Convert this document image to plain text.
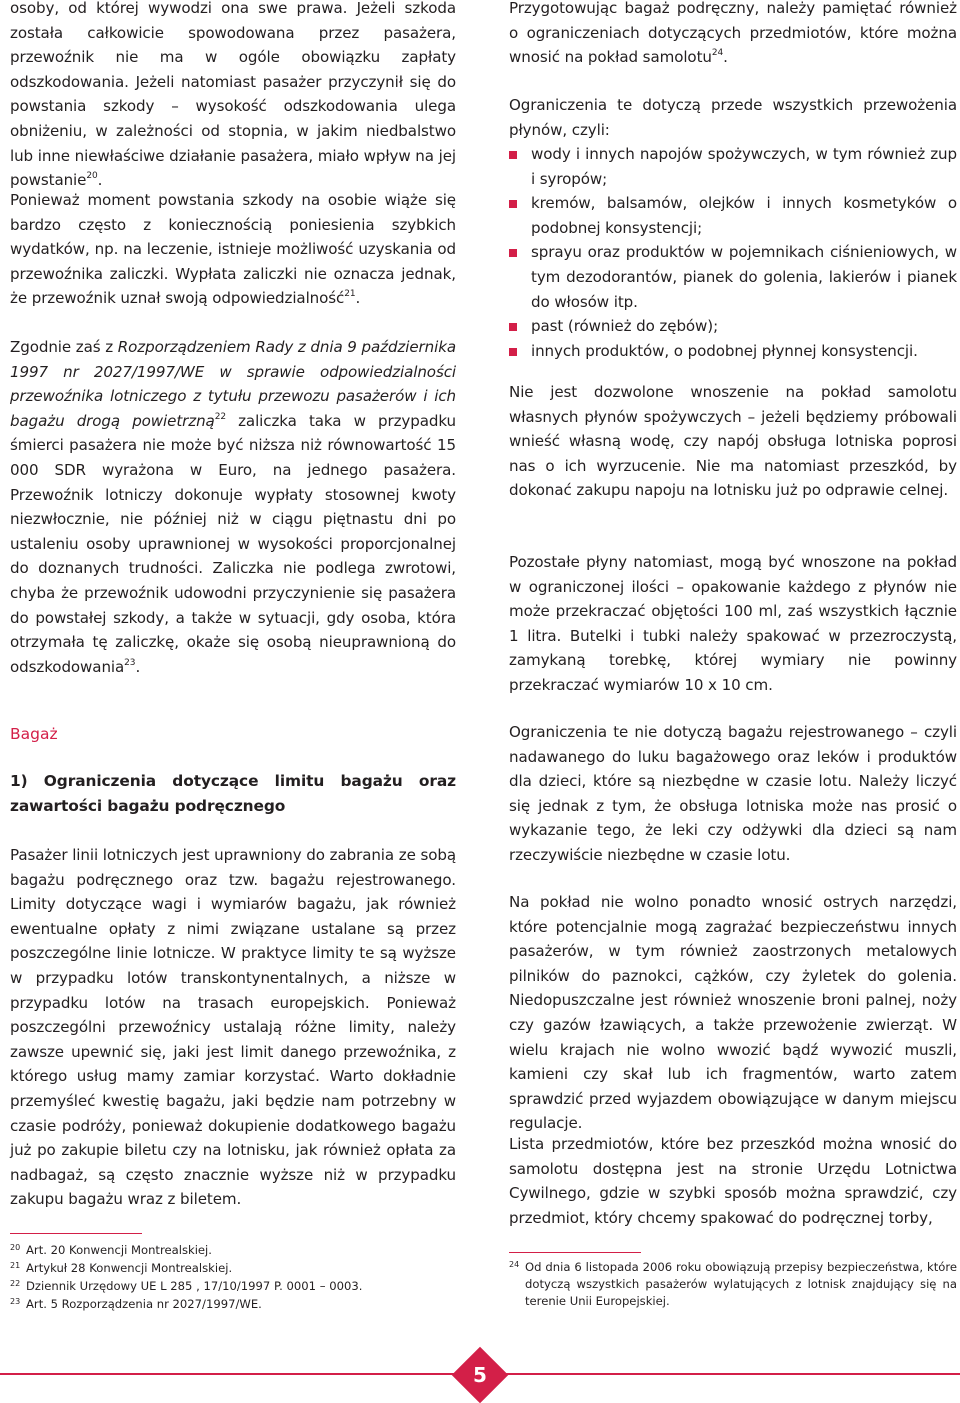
osoby, od której wywodzi ona swe prawa. Jeżeli szkoda została całkowicie spowodowana przez pasażera, przewoźnik nie ma w ogóle obowiązku zapłaty odszkodowania. Jeżeli natomiast pasażer przyczynił się do powstania szkody – wysokość odszkodowania ulega obniżeniu, w zależności od stopnia, w jakim niedbalstwo lub inne niewłaściwe działanie pasażera, miało wpływ na jej powstanie$^{20}$.

Ponieważ moment powstania szkody na osobie wiąże się bardzo często z koniecznością poniesienia szybkich wydatków, np. na leczenie, istnieje możliwość uzyskania od przewoźnika zaliczki. Wypłata zaliczki nie oznacza jednak, że przewoźnik uznał swoją odpowiedzialność$^{21}$.

Zgodnie zaś z Rozporządzeniem Rady z dnia 9 października 1997 nr 2027/1997/WE w sprawie odpowiedzialności przewoźnika lotniczego z tytułu przewozu pasażerów i ich bagażu drogą powietrzną$^{22}$ zaliczka taka w przypadku śmierci pasażera nie może być niższa niż równowartość 15 000 SDR wyrażona w Euro, na jednego pasażera. Przewoźnik lotniczy dokonuje wypłaty stosownej kwoty niezwłocznie, nie później niż w ciągu piętnastu dni po ustaleniu osoby uprawnionej w wysokości proporcjonalnej do doznanych trudności. Zaliczka nie podlega zwrotowi, chyba że przewoźnik udowodni przyczynienie się pasażera do powstałej szkody, a także w sytuacji, gdy osoba, która otrzymała tę zaliczkę, okaże się osobą nieuprawnioną do odszkodowania$^{23}$.

Bagaż

1) Ograniczenia dotyczące limitu bagażu oraz zawartości bagażu podręcznego

Pasażer linii lotniczych jest uprawniony do zabrania ze sobą bagażu podręcznego oraz tzw. bagażu rejestrowanego. Limity dotyczące wagi i wymiarów bagażu, jak również ewentualne opłaty z nimi związane ustalane są przez poszczególne linie lotnicze. W praktyce limity te są wyższe w przypadku lotów transkontynentalnych, a niższe w przypadku lotów na trasach europejskich. Ponieważ poszczególni przewoźnicy ustalają różne limity, należy zawsze upewnić się, jaki jest limit danego przewoźnika, z którego usług mamy zamiar korzystać. Warto dokładnie przemyśleć kwestię bagażu, jaki będzie nam potrzebny w czasie podróży, ponieważ dokupienie dodatkowego bagażu już po zakupie biletu czy na lotnisku, jak również opłata za nadbagaż, są często znacznie wyższe niż w przypadku zakupu bagażu wraz z biletem.

20 Art. 20 Konwencji Montrealskiej.
21 Artykuł 28 Konwencji Montrealskiej.
22 Dziennik Urzędowy UE L 285 , 17/10/1997 P. 0001 – 0003.
23 Art. 5 Rozporządzenia nr 2027/1997/WE.

Przygotowując bagaż podręczny, należy pamiętać również o ograniczeniach dotyczących przedmiotów, które można wnosić na pokład samolotu$^{24}$.

Ograniczenia te dotyczą przede wszystkich przewożenia płynów, czyli:

wody i innych napojów spożywczych, w tym również zup i syropów;
kremów, balsamów, olejków i innych kosmetyków o podobnej konsystencji;
sprayu oraz produktów w pojemnikach ciśnieniowych, w tym dezodorantów, pianek do golenia, lakierów i pianek do włosów itp.
past (również do zębów);
innych produktów, o podobnej płynnej konsystencji.

Nie jest dozwolone wnoszenie na pokład samolotu własnych płynów spożywczych – jeżeli będziemy próbowali wnieść własną wodę, czy napój obsługa lotniska poprosi nas o ich wyrzucenie. Nie ma natomiast przeszkód, by dokonać zakupu napoju na lotnisku już po odprawie celnej.

Pozostałe płyny natomiast, mogą być wnoszone na pokład w ograniczonej ilości – opakowanie każdego z płynów nie może przekraczać objętości 100 ml, zaś wszystkich łącznie 1 litra. Butelki i tubki należy spakować w przezroczystą, zamykaną torebkę, której wymiary nie powinny przekraczać wymiarów 10 x 10 cm.

Ograniczenia te nie dotyczą bagażu rejestrowanego – czyli nadawanego do luku bagażowego oraz leków i produktów dla dzieci, które są niezbędne w czasie lotu. Należy liczyć się jednak z tym, że obsługa lotniska może nas prosić o wykazanie tego, że leki czy odżywki dla dzieci są nam rzeczywiście niezbędne w czasie lotu.

Na pokład nie wolno ponadto wnosić ostrych narzędzi, które potencjalnie mogą zagrażać bezpieczeństwu innych pasażerów, w tym również zaostrzonych metalowych pilników do paznokci, cążków, czy żyletek do golenia. Niedopuszczalne jest również wnoszenie broni palnej, noży czy gazów łzawiących, a także przewożenie zwierząt. W wielu krajach nie wolno wwozić bądź wywozić muszli, kamieni czy skał lub ich fragmentów, warto zatem sprawdzić przed wyjazdem obowiązujące w danym miejscu regulacje.

Lista przedmiotów, które bez przeszkód można wnosić do samolotu dostępna jest na stronie Urzędu Lotnictwa Cywilnego, gdzie w szybki sposób można sprawdzić, czy przedmiot, który chcemy spakować do podręcznej torby,

24 Od dnia 6 listopada 2006 roku obowiązują przepisy bezpieczeństwa, które dotyczą wszystkich pasażerów wylatujących z lotnisk znajdujący się na terenie Unii Europejskiej.
5
